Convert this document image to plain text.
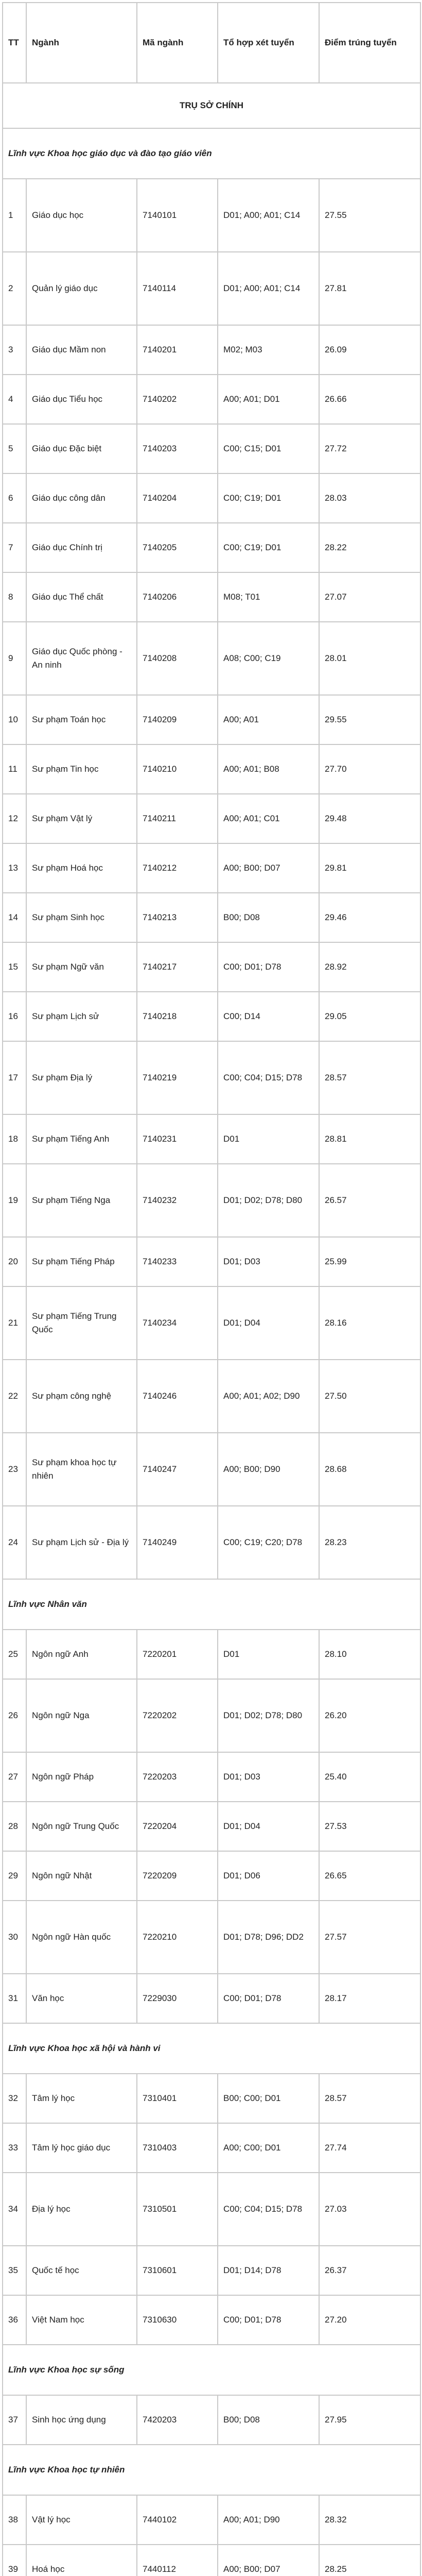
TT	Ngành	Mã ngành	Tổ hợp xét tuyển	Điểm trúng tuyển
TRỤ SỞ CHÍNH				
Lĩnh vực Khoa học giáo dục và đào tạo giáo viên				
1	Giáo dục học	7140101	D01; A00; A01; C14	27.55
2	Quản lý giáo dục	7140114	D01; A00; A01; C14	27.81
3	Giáo dục Mầm non	7140201	M02; M03	26.09
4	Giáo dục Tiểu học	7140202	A00; A01; D01	26.66
5	Giáo dục Đặc biệt	7140203	C00; C15; D01	27.72
6	Giáo dục công dân	7140204	C00; C19; D01	28.03
7	Giáo dục Chính trị	7140205	C00; C19; D01	28.22
8	Giáo dục Thể chất	7140206	M08; T01	27.07
9	Giáo dục Quốc phòng - An ninh	7140208	A08; C00; C19	28.01
10	Sư phạm Toán học	7140209	A00; A01	29.55
11	Sư phạm Tin học	7140210	A00; A01; B08	27.70
12	Sư phạm Vật lý	7140211	A00; A01; C01	29.48
13	Sư phạm Hoá học	7140212	A00; B00; D07	29.81
14	Sư phạm Sinh học	7140213	B00; D08	29.46
15	Sư phạm Ngữ văn	7140217	C00; D01; D78	28.92
16	Sư phạm Lịch sử	7140218	C00; D14	29.05
17	Sư phạm Địa lý	7140219	C00; C04; D15; D78	28.57
18	Sư phạm Tiếng Anh	7140231	D01	28.81
19	Sư phạm Tiếng Nga	7140232	D01; D02; D78; D80	26.57
20	Sư phạm Tiếng Pháp	7140233	D01; D03	25.99
21	Sư phạm Tiếng Trung Quốc	7140234	D01; D04	28.16
22	Sư phạm công nghệ	7140246	A00; A01; A02; D90	27.50
23	Sư phạm khoa học tự nhiên	7140247	A00; B00; D90	28.68
24	Sư phạm Lịch sử - Địa lý	7140249	C00; C19; C20; D78	28.23
Lĩnh vực Nhân văn				
25	Ngôn ngữ Anh	7220201	D01	28.10
26	Ngôn ngữ Nga	7220202	D01; D02; D78; D80	26.20
27	Ngôn ngữ Pháp	7220203	D01; D03	25.40
28	Ngôn ngữ Trung Quốc	7220204	D01; D04	27.53
29	Ngôn ngữ Nhật	7220209	D01; D06	26.65
30	Ngôn ngữ Hàn quốc	7220210	D01; D78; D96; DD2	27.57
31	Văn học	7229030	C00; D01; D78	28.17
Lĩnh vực Khoa học xã hội và hành vi				
32	Tâm lý học	7310401	B00; C00; D01	28.57
33	Tâm lý học giáo dục	7310403	A00; C00; D01	27.74
34	Địa lý học	7310501	C00; C04; D15; D78	27.03
35	Quốc tế học	7310601	D01; D14; D78	26.37
36	Việt Nam học	7310630	C00; D01; D78	27.20
Lĩnh vực Khoa học sự sống				
37	Sinh học ứng dụng	7420203	B00; D08	27.95
Lĩnh vực Khoa học tự nhiên				
38	Vật lý học	7440102	A00; A01; D90	28.32
39	Hoá học	7440112	A00; B00; D07	28.25
